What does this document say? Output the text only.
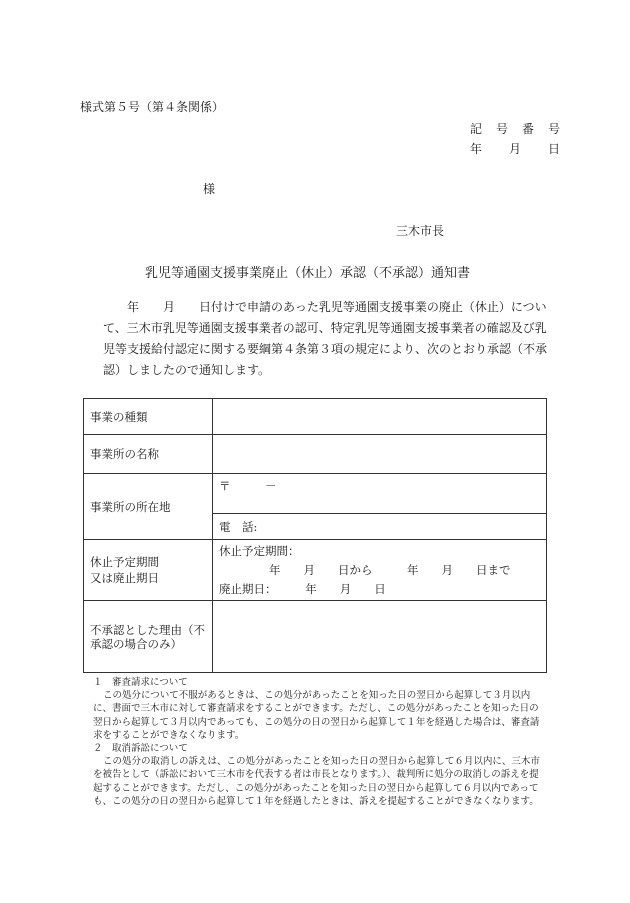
様式第５号（第４条関係）
記　号　番　号
年　　月　　日
様
三木市長
乳児等通園支援事業廃止（休止）承認（不承認）通知書
年　　月　　日付けで申請のあった乳児等通園支援事業の廃止（休止）について、三木市乳児等通園支援事業者の認可、特定乳児等通園支援事業者の確認及び乳児等支援給付認定に関する要綱第４条第３項の規定により、次のとおり承認（不承認）しましたので通知します。
事業の種類	
事業所の名称	
事業所の所在地	〒　　　－
	電　話:

休止予定期間
又は廃止期日	休止予定期間：
年　　月　　日から　　　年　　月　　日まで
廃止期日：　　　年　　月　　日

不承認とした理由（不承認の場合のみ）	
１　審査請求について
この処分について不服があるときは、この処分があったことを知った日の翌日から起算して３月以内に、書面で三木市に対して審査請求をすることができます。ただし、この処分があったことを知った日の翌日から起算して３月以内であっても、この処分の日の翌日から起算して１年を経過した場合は、審査請求をすることができなくなります。
２　取消訴訟について
この処分の取消しの訴えは、この処分があったことを知った日の翌日から起算して６月以内に、三木市を被告として（訴訟において三木市を代表する者は市長となります。）、裁判所に処分の取消しの訴えを提起することができます。ただし、この処分があったことを知った日の翌日から起算して６月以内であっても、この処分の日の翌日から起算して１年を経過したときは、訴えを提起することができなくなります。
